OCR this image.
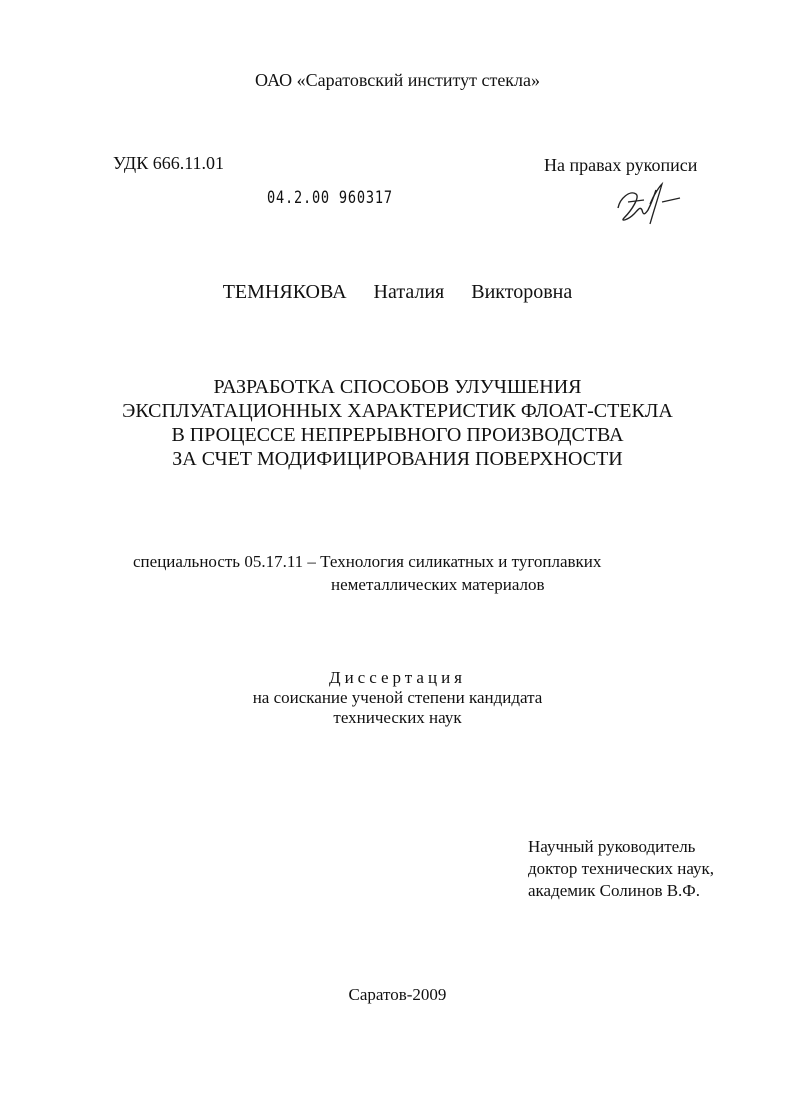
ОАО «Саратовский институт стекла»
УДК 666.11.01	На правах рукописи
04.2.00 960317
ТЕМНЯКОВА Наталия Викторовна
РАЗРАБОТКА СПОСОБОВ УЛУЧШЕНИЯ
ЭКСПЛУАТАЦИОННЫХ ХАРАКТЕРИСТИК ФЛОАТ-СТЕКЛА
В ПРОЦЕССЕ НЕПРЕРЫВНОГО ПРОИЗВОДСТВА
ЗА СЧЕТ МОДИФИЦИРОВАНИЯ ПОВЕРХНОСТИ
специальность 05.17.11 – Технология силикатных и тугоплавких
неметаллических материалов
Диссертация
на соискание ученой степени кандидата
технических наук
Научный руководитель
доктор технических наук,
академик Солинов В.Ф.
Саратов-2009
